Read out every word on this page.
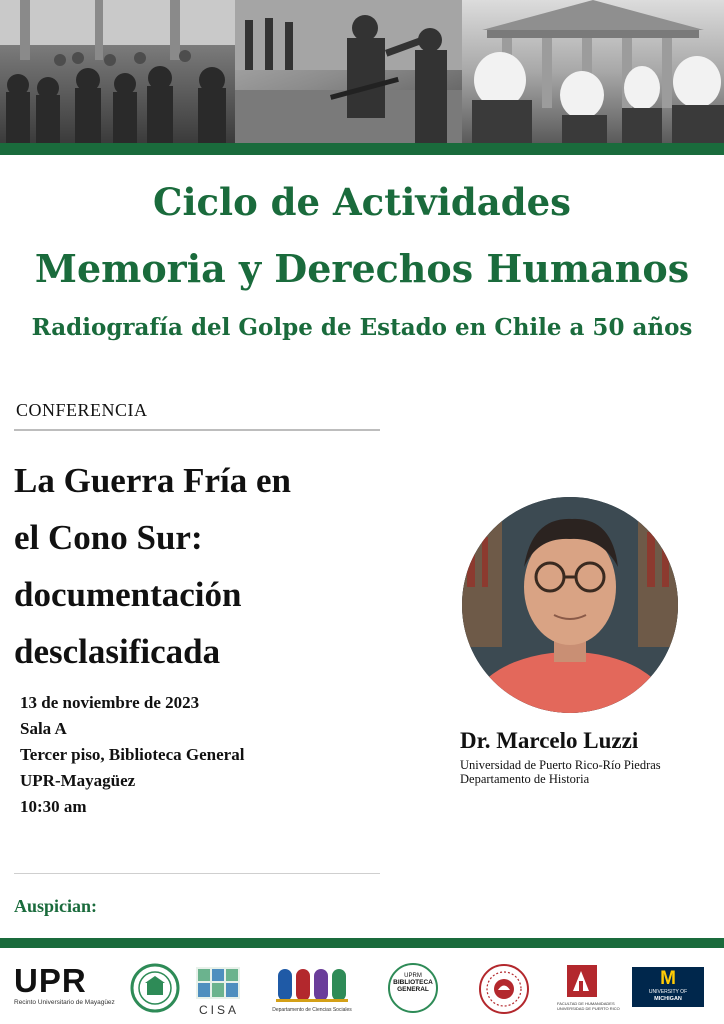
Ciclo de Actividades
Memoria y Derechos Humanos
Radiografía del Golpe de Estado en Chile a 50 años
CONFERENCIA
La Guerra Fría en
el Cono Sur:
documentación
desclasificada
13 de noviembre de 2023
Sala A
Tercer piso, Biblioteca General
UPR-Mayagüez
10:30 am
Dr. Marcelo Luzzi
Universidad de Puerto Rico-Río Piedras
Departamento de Historia
Auspician:
UPR
Recinto Universitario de Mayagüez
CISA	Departamento de Ciencias Sociales
UPRM
BIBLIOTECA
GENERAL
FACULTAD DE HUMANIDADES
UNIVERSIDAD DE PUERTO RICO
M
UNIVERSITY OF
MICHIGAN
